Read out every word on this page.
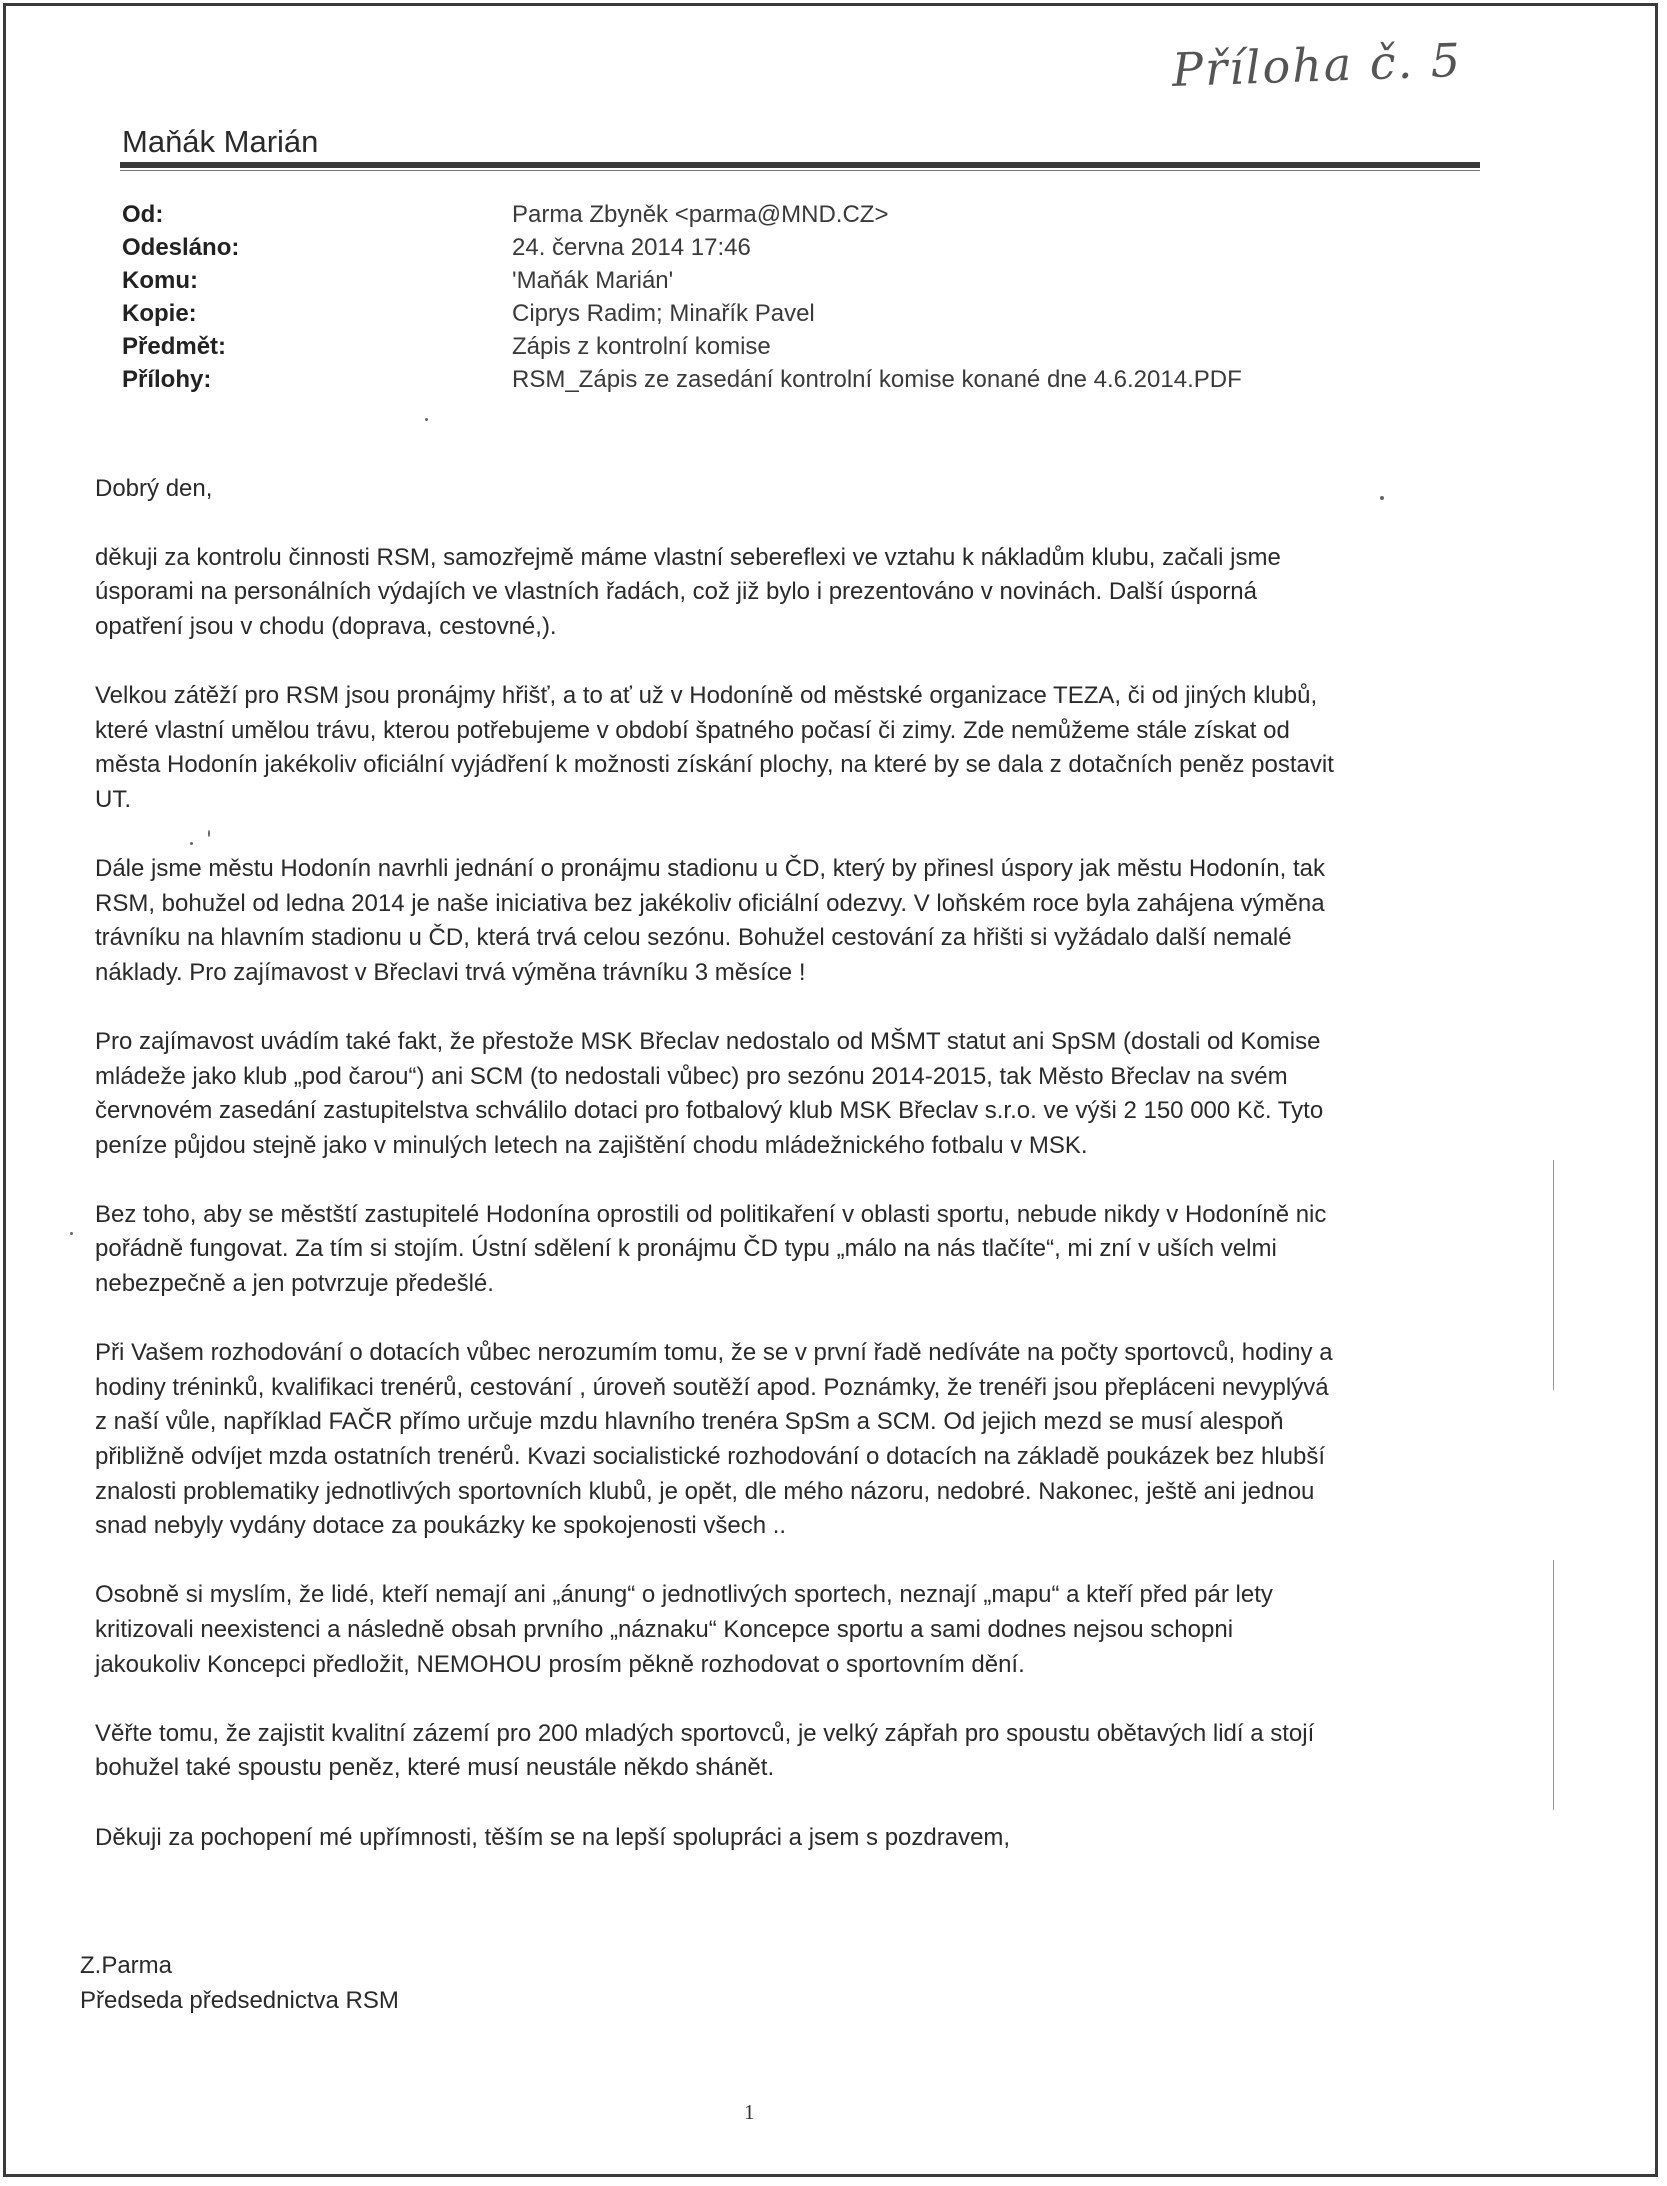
Příloha č. 5
Maňák Marián
Od:	Parma Zbyněk <parma@MND.CZ>
Odesláno:	24. června 2014 17:46
Komu:	'Maňák Marián'
Kopie:	Ciprys Radim; Minařík Pavel
Předmět:	Zápis z kontrolní komise
Přílohy:	RSM_Zápis ze zasedání kontrolní komise konané dne 4.6.2014.PDF

Dobrý den,

děkuji za kontrolu činnosti RSM, samozřejmě máme vlastní sebereflexi ve vztahu k nákladům klubu, začali jsme
úsporami na personálních výdajích ve vlastních řadách, což již bylo i prezentováno v novinách. Další úsporná
opatření jsou v chodu (doprava, cestovné,).

Velkou zátěží pro RSM jsou pronájmy hřišť, a to ať už v Hodoníně od městské organizace TEZA, či od jiných klubů,
které vlastní umělou trávu, kterou potřebujeme v období špatného počasí či zimy. Zde nemůžeme stále získat od
města Hodonín jakékoliv oficiální vyjádření k možnosti získání plochy, na které by se dala z dotačních peněz postavit
UT.

Dále jsme městu Hodonín navrhli jednání o pronájmu stadionu u ČD, který by přinesl úspory jak městu Hodonín, tak
RSM, bohužel od ledna 2014 je naše iniciativa bez jakékoliv oficiální odezvy. V loňském roce byla zahájena výměna
trávníku na hlavním stadionu u ČD, která trvá celou sezónu. Bohužel cestování za hřišti si vyžádalo další nemalé
náklady. Pro zajímavost v Břeclavi trvá výměna trávníku 3 měsíce !

Pro zajímavost uvádím také fakt, že přestože MSK Břeclav nedostalo od MŠMT statut ani SpSM (dostali od Komise
mládeže jako klub „pod čarou“) ani SCM (to nedostali vůbec) pro sezónu 2014-2015, tak Město Břeclav na svém
červnovém zasedání zastupitelstva schválilo dotaci pro fotbalový klub MSK Břeclav s.r.o. ve výši 2 150 000 Kč. Tyto
peníze půjdou stejně jako v minulých letech na zajištění chodu mládežnického fotbalu v MSK.

Bez toho, aby se městští zastupitelé Hodonína oprostili od politikaření v oblasti sportu, nebude nikdy v Hodoníně nic
pořádně fungovat. Za tím si stojím. Ústní sdělení k pronájmu ČD typu „málo na nás tlačíte“, mi zní v uších velmi
nebezpečně a jen potvrzuje předešlé.

Při Vašem rozhodování o dotacích vůbec nerozumím tomu, že se v první řadě nedíváte na počty sportovců, hodiny a
hodiny tréninků, kvalifikaci trenérů, cestování , úroveň soutěží apod. Poznámky, že trenéři jsou přepláceni nevyplývá
z naší vůle, například FAČR přímo určuje mzdu hlavního trenéra SpSm a SCM. Od jejich mezd se musí alespoň
přibližně odvíjet mzda ostatních trenérů. Kvazi socialistické rozhodování o dotacích na základě poukázek bez hlubší
znalosti problematiky jednotlivých sportovních klubů, je opět, dle mého názoru, nedobré. Nakonec, ještě ani jednou
snad nebyly vydány dotace za poukázky ke spokojenosti všech ..

Osobně si myslím, že lidé, kteří nemají ani „ánung“ o jednotlivých sportech, neznají „mapu“ a kteří před pár lety
kritizovali neexistenci a následně obsah prvního „náznaku“ Koncepce sportu a sami dodnes nejsou schopni
jakoukoliv Koncepci předložit, NEMOHOU prosím pěkně rozhodovat o sportovním dění.

Věřte tomu, že zajistit kvalitní zázemí pro 200 mladých sportovců, je velký zápřah pro spoustu obětavých lidí a stojí
bohužel také spoustu peněz, které musí neustále někdo shánět.

Děkuji za pochopení mé upřímnosti, těším se na lepší spolupráci a jsem s pozdravem,

Z.Parma
Předseda předsednictva RSM
1
